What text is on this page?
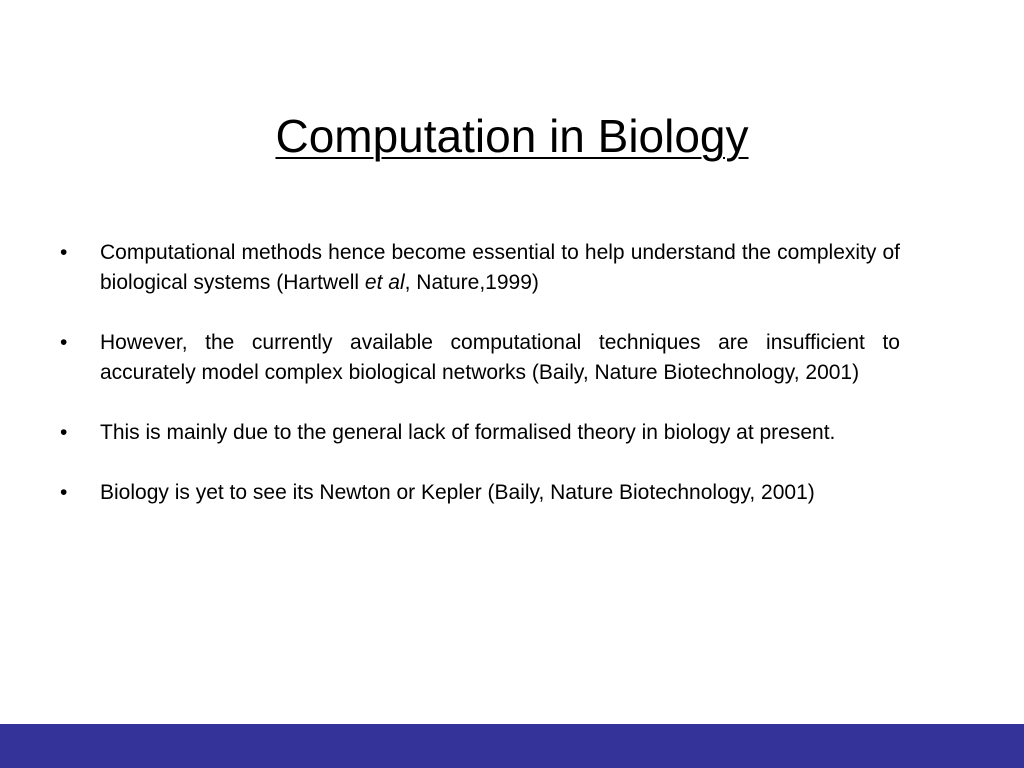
Computation in Biology
•	Computational methods hence become essential to help understand the complexity of biological systems (Hartwell et al, Nature,1999)
•	However, the currently available computational techniques are insufficient to accurately model complex biological networks (Baily, Nature Biotechnology, 2001)
•	This is mainly due to the general lack of formalised theory in biology at present.
•	Biology is yet to see its Newton or Kepler (Baily, Nature Biotechnology, 2001)
